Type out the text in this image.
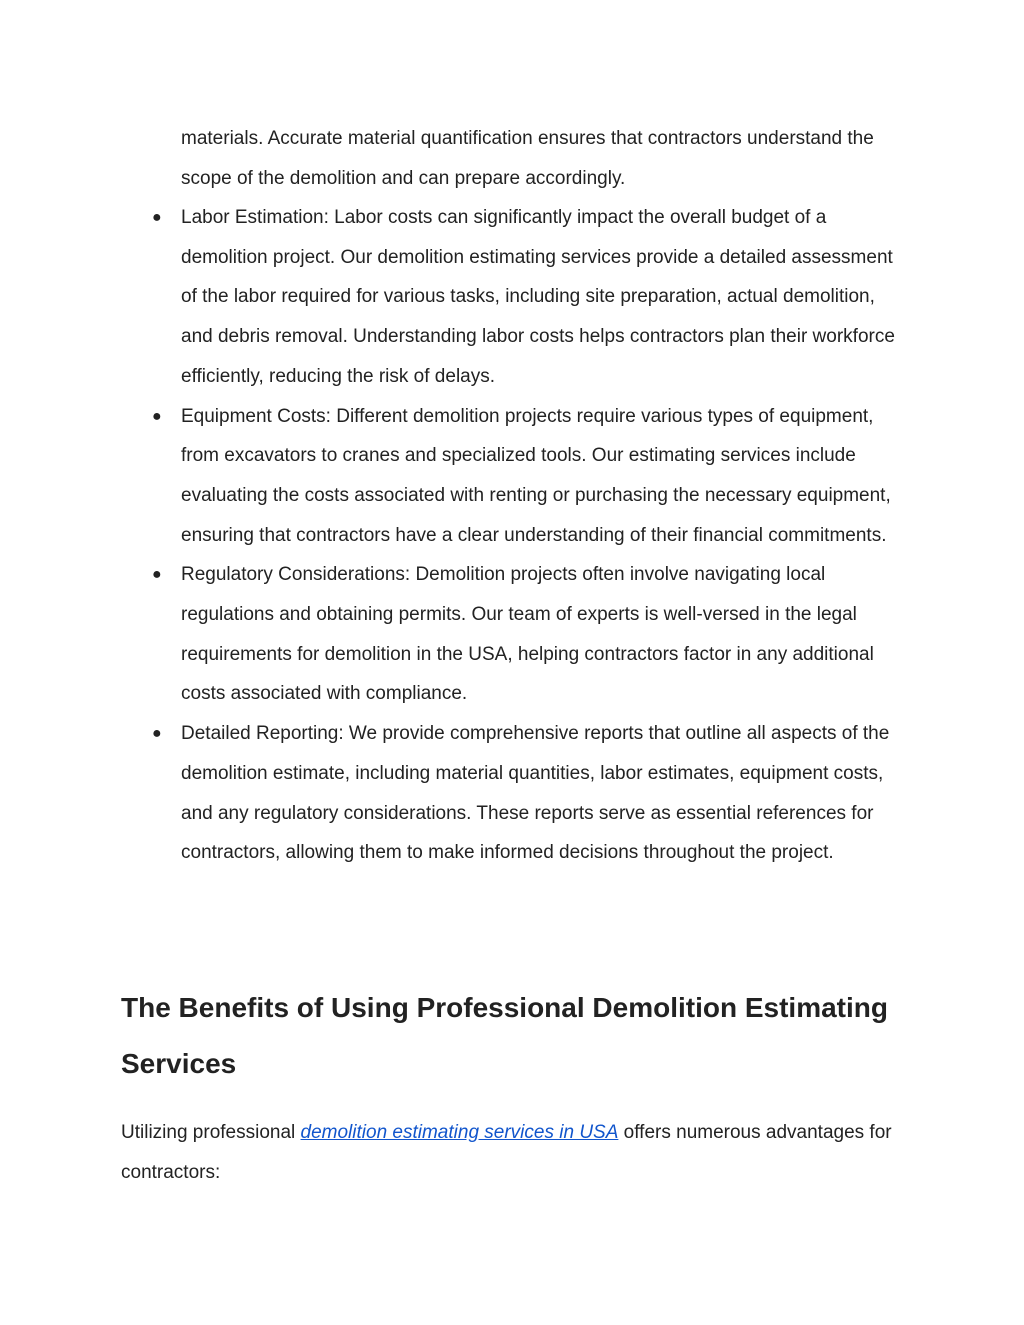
materials. Accurate material quantification ensures that contractors understand the scope of the demolition and can prepare accordingly.

● Labor Estimation: Labor costs can significantly impact the overall budget of a demolition project. Our demolition estimating services provide a detailed assessment of the labor required for various tasks, including site preparation, actual demolition, and debris removal. Understanding labor costs helps contractors plan their workforce efficiently, reducing the risk of delays.
● Equipment Costs: Different demolition projects require various types of equipment, from excavators to cranes and specialized tools. Our estimating services include evaluating the costs associated with renting or purchasing the necessary equipment, ensuring that contractors have a clear understanding of their financial commitments.
● Regulatory Considerations: Demolition projects often involve navigating local regulations and obtaining permits. Our team of experts is well-versed in the legal requirements for demolition in the USA, helping contractors factor in any additional costs associated with compliance.
● Detailed Reporting: We provide comprehensive reports that outline all aspects of the demolition estimate, including material quantities, labor estimates, equipment costs, and any regulatory considerations. These reports serve as essential references for contractors, allowing them to make informed decisions throughout the project.
The Benefits of Using Professional Demolition Estimating Services

Utilizing professional demolition estimating services in USA offers numerous advantages for contractors:
